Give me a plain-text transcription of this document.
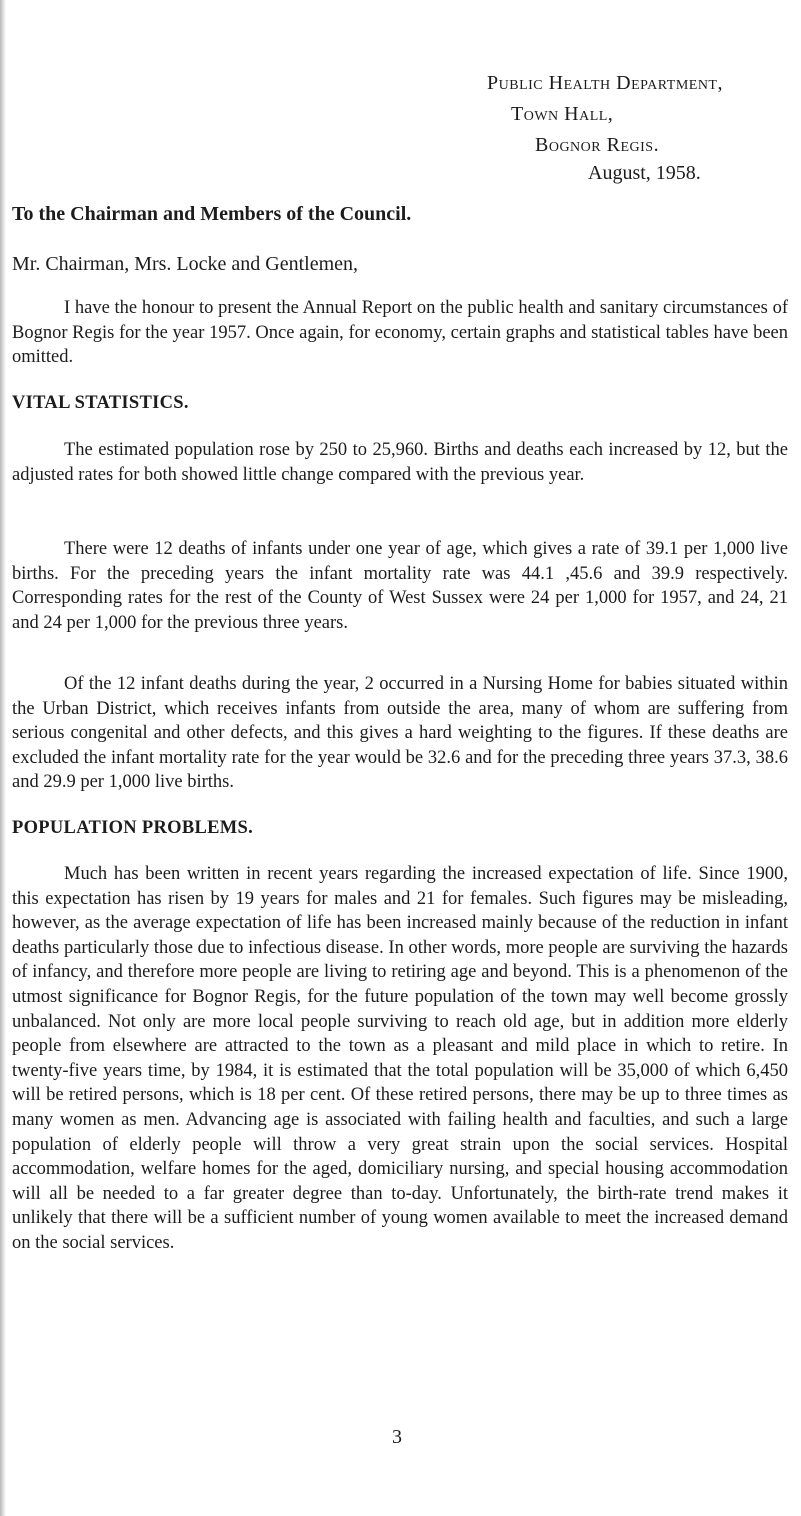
Public Health Department,
Town Hall,
Bognor Regis.
August, 1958.
To the Chairman and Members of the Council.
Mr. Chairman, Mrs. Locke and Gentlemen,

I have the honour to present the Annual Report on the public health and sanitary circumstances of Bognor Regis for the year 1957. Once again, for economy, certain graphs and statistical tables have been omitted.

VITAL STATISTICS.

The estimated population rose by 250 to 25,960. Births and deaths each increased by 12, but the adjusted rates for both showed little change compared with the previous year.

There were 12 deaths of infants under one year of age, which gives a rate of 39.1 per 1,000 live births. For the preceding years the infant mortality rate was 44.1 ,45.6 and 39.9 respectively. Corresponding rates for the rest of the County of West Sussex were 24 per 1,000 for 1957, and 24, 21 and 24 per 1,000 for the previous three years.

Of the 12 infant deaths during the year, 2 occurred in a Nursing Home for babies situated within the Urban District, which receives infants from outside the area, many of whom are suffering from serious congenital and other defects, and this gives a hard weighting to the figures. If these deaths are excluded the infant mortality rate for the year would be 32.6 and for the preceding three years 37.3, 38.6 and 29.9 per 1,000 live births.

POPULATION PROBLEMS.

Much has been written in recent years regarding the increased expectation of life. Since 1900, this expectation has risen by 19 years for males and 21 for females. Such figures may be misleading, however, as the average expectation of life has been increased mainly because of the reduction in infant deaths particularly those due to infectious disease. In other words, more people are surviving the hazards of infancy, and therefore more people are living to retiring age and beyond. This is a phenomenon of the utmost significance for Bognor Regis, for the future population of the town may well become grossly unbalanced. Not only are more local people surviving to reach old age, but in addition more elderly people from elsewhere are attracted to the town as a pleasant and mild place in which to retire. In twenty-five years time, by 1984, it is estimated that the total population will be 35,000 of which 6,450 will be retired persons, which is 18 per cent. Of these retired persons, there may be up to three times as many women as men. Advancing age is associated with failing health and faculties, and such a large population of elderly people will throw a very great strain upon the social services. Hospital accommodation, welfare homes for the aged, domiciliary nursing, and special housing accommodation will all be needed to a far greater degree than to-day. Unfortunately, the birth-rate trend makes it unlikely that there will be a sufficient number of young women available to meet the increased demand on the social services.

3
